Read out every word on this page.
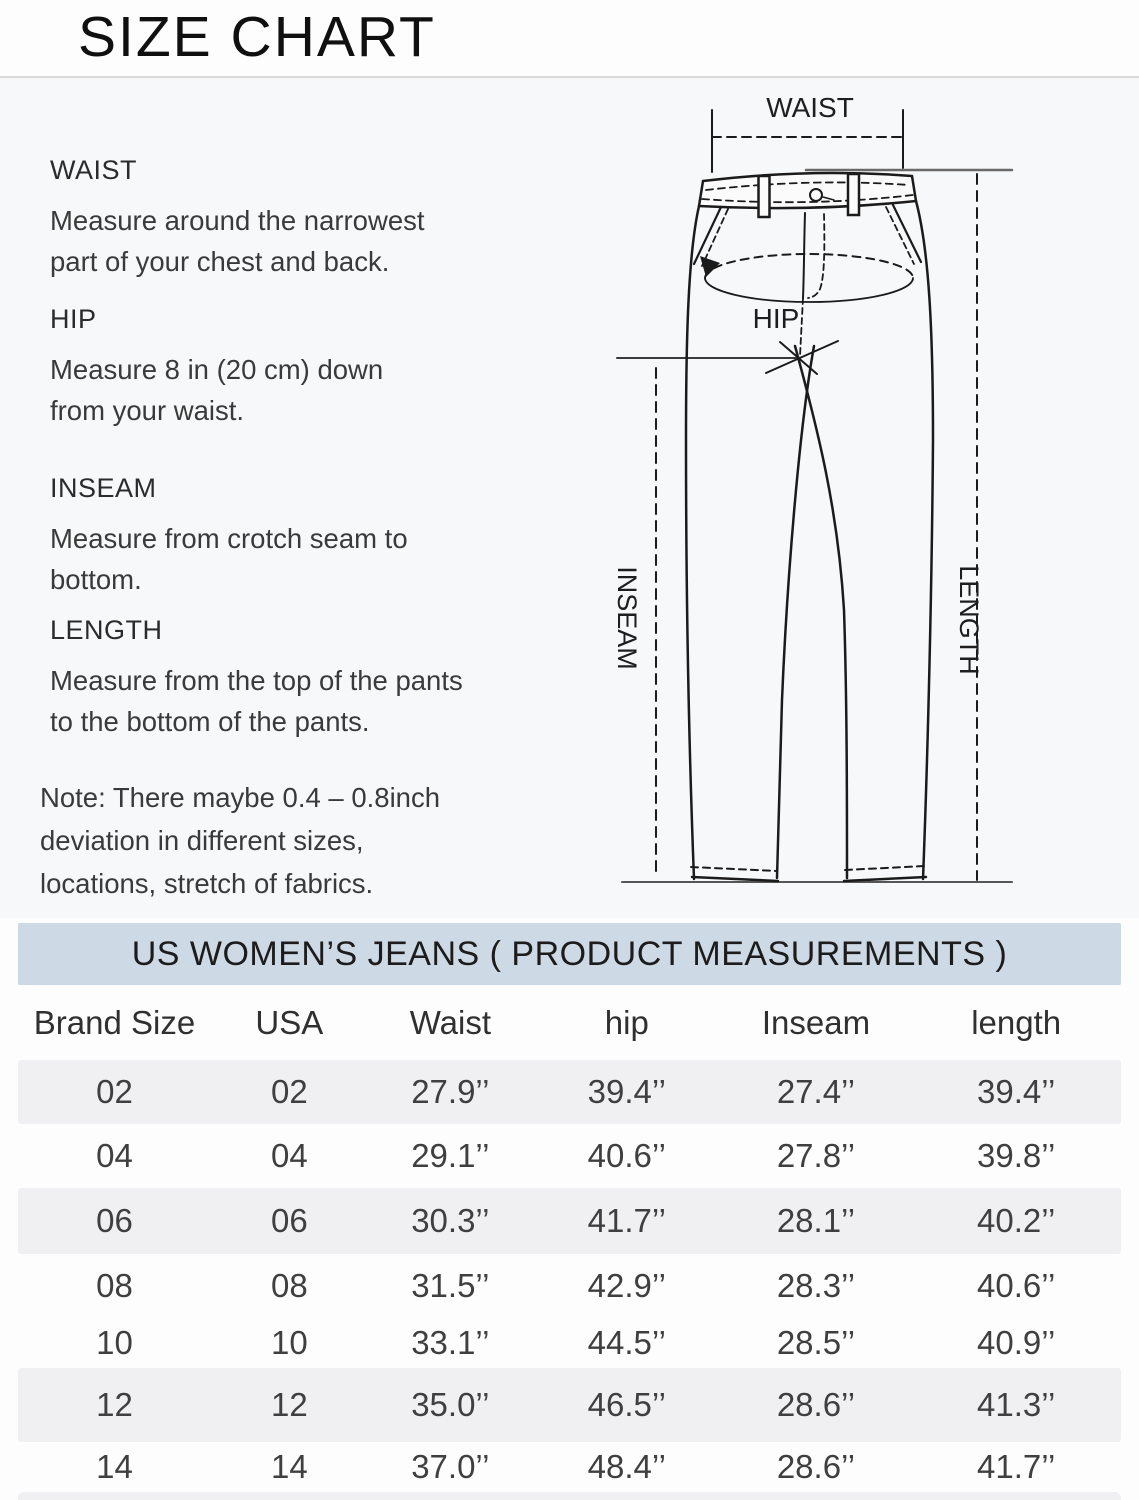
SIZE CHART
WAIST
Measure around the narrowest
part of your chest and back.
HIP
Measure 8 in (20 cm) down
from your waist.
INSEAM
Measure from crotch seam to
bottom.
LENGTH
Measure from the top of the pants
to the bottom of the pants.
Note: There maybe 0.4 – 0.8inch
deviation in different sizes,
locations, stretch of fabrics.
WAIST
HIP
INSEAM	LENGTH
US WOMEN’S JEANS ( PRODUCT MEASUREMENTS )
Brand Size	USA	Waist	hip	Inseam	length
02	02	27.9’’	39.4’’	27.4’’	39.4’’
04	04	29.1’’	40.6’’	27.8’’	39.8’’
06	06	30.3’’	41.7’’	28.1’’	40.2’’
08	08	31.5’’	42.9’’	28.3’’	40.6’’
10	10	33.1’’	44.5’’	28.5’’	40.9’’
12	12	35.0’’	46.5’’	28.6’’	41.3’’
14	14	37.0’’	48.4’’	28.6’’	41.7’’
